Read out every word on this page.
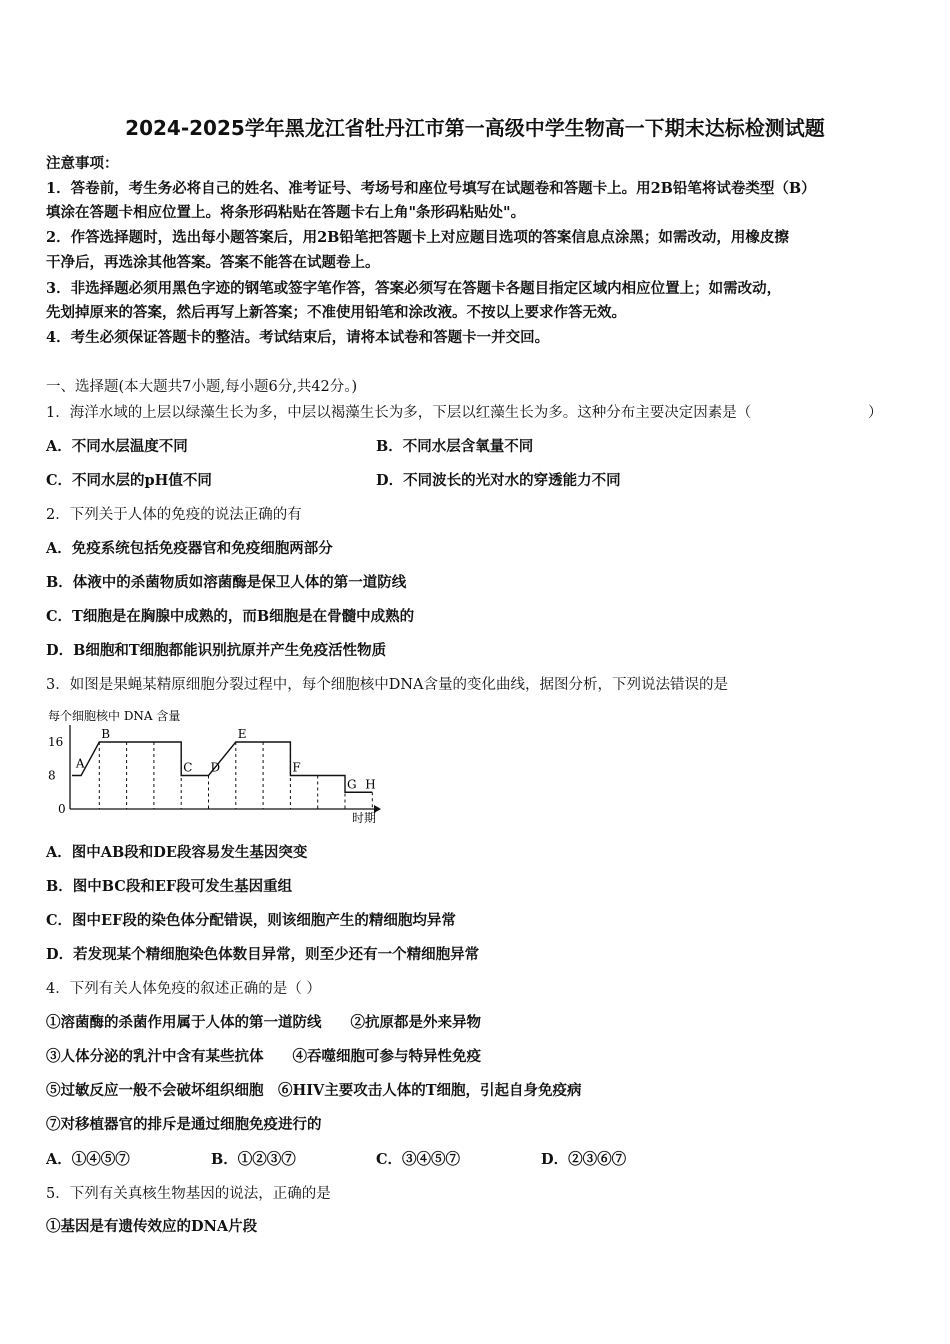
2024-2025学年黑龙江省牡丹江市第一高级中学生物高一下期末达标检测试题
注意事项：
1．答卷前，考生务必将自己的姓名、准考证号、考场号和座位号填写在试题卷和答题卡上。用2B铅笔将试卷类型（B）
填涂在答题卡相应位置上。将条形码粘贴在答题卡右上角"条形码粘贴处"。
2．作答选择题时，选出每小题答案后，用2B铅笔把答题卡上对应题目选项的答案信息点涂黑；如需改动，用橡皮擦
干净后，再选涂其他答案。答案不能答在试题卷上。
3．非选择题必须用黑色字迹的钢笔或签字笔作答，答案必须写在答题卡各题目指定区域内相应位置上；如需改动，
先划掉原来的答案，然后再写上新答案；不准使用铅笔和涂改液。不按以上要求作答无效。
4．考生必须保证答题卡的整洁。考试结束后，请将本试卷和答题卡一并交回。
一、选择题(本大题共7小题,每小题6分,共42分。)
1．海洋水域的上层以绿藻生长为多，中层以褐藻生长为多，下层以红藻生长为多。这种分布主要决定因素是（	）
A．不同水层温度不同	B．不同水层含氧量不同
C．不同水层的pH值不同	D．不同波长的光对水的穿透能力不同
2．下列关于人体的免疫的说法正确的有
A．免疫系统包括免疫器官和免疫细胞两部分
B．体液中的杀菌物质如溶菌酶是保卫人体的第一道防线
C．T细胞是在胸腺中成熟的，而B细胞是在骨髓中成熟的
D．B细胞和T细胞都能识别抗原并产生免疫活性物质
3．如图是果蝇某精原细胞分裂过程中，每个细胞核中DNA含量的变化曲线，据图分析，下列说法错误的是
每个细胞核中 DNA 含量
时期
16
8
0
A
B
C D
E
F
G H
A．图中AB段和DE段容易发生基因突变
B．图中BC段和EF段可发生基因重组
C．图中EF段的染色体分配错误，则该细胞产生的精细胞均异常
D．若发现某个精细胞染色体数目异常，则至少还有一个精细胞异常
4．下列有关人体免疫的叙述正确的是（ ）
①溶菌酶的杀菌作用属于人体的第一道防线　　②抗原都是外来异物
③人体分泌的乳汁中含有某些抗体　　④吞噬细胞可参与特异性免疫
⑤过敏反应一般不会破坏组织细胞　⑥HIV主要攻击人体的T细胞，引起自身免疫病
⑦对移植器官的排斥是通过细胞免疫进行的
A．①④⑤⑦	B．①②③⑦	C．③④⑤⑦	D．②③⑥⑦
5．下列有关真核生物基因的说法，正确的是
①基因是有遗传效应的DNA片段
